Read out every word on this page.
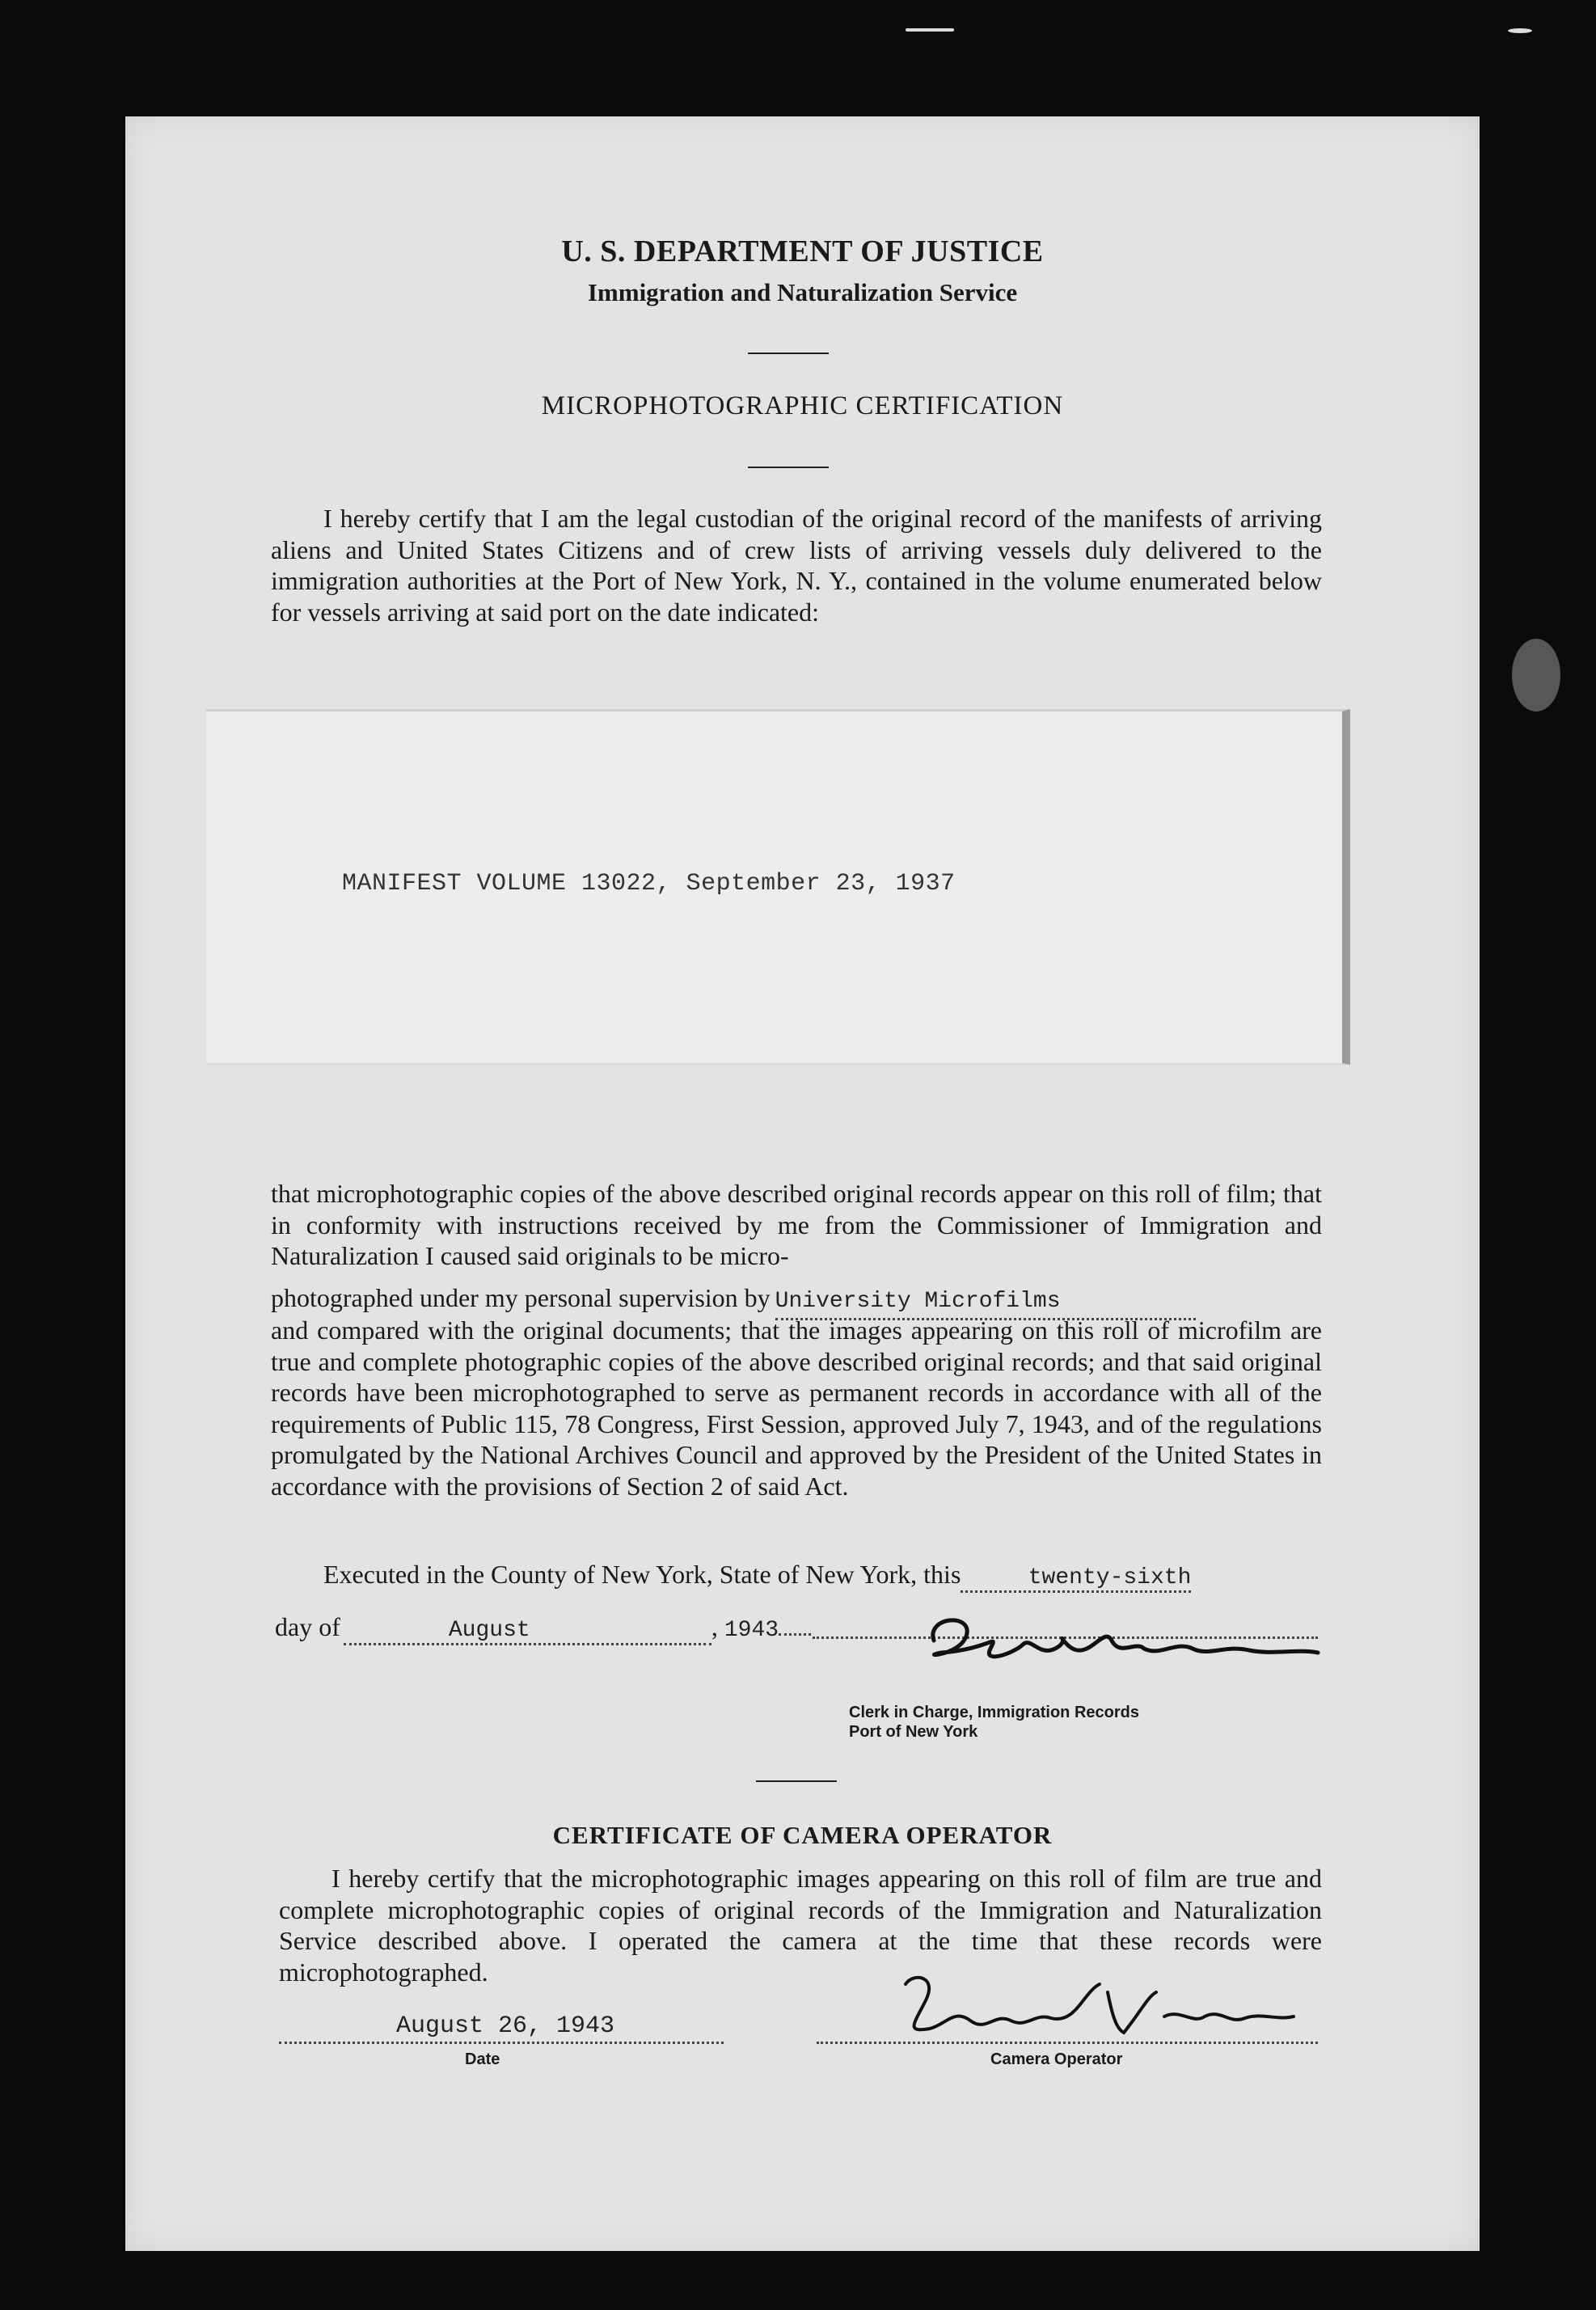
U. S. DEPARTMENT OF JUSTICE
Immigration and Naturalization Service
MICROPHOTOGRAPHIC CERTIFICATION
I hereby certify that I am the legal custodian of the original record of the manifests of arriving aliens and United States Citizens and of crew lists of arriving vessels duly delivered to the immigration authorities at the Port of New York, N. Y., contained in the volume enumerated below for vessels arriving at said port on the date indicated:
MANIFEST VOLUME 13022, September 23, 1937
that microphotographic copies of the above described original records appear on this roll of film; that in conformity with instructions received by me from the Commissioner of Immigration and Naturalization I caused said originals to be micro-
photographed under my personal supervision by University Microfilms
and compared with the original documents; that the images appearing on this roll of microfilm are true and complete photographic copies of the above described original records; and that said original records have been microphotographed to serve as permanent records in accordance with all of the requirements of Public 115, 78 Congress, First Session, approved July 7, 1943, and of the regulations promulgated by the National Archives Council and approved by the President of the United States in accordance with the provisions of Section 2 of said Act.
Executed in the County of New York, State of New York, this	twenty-sixth
day of	August	, 1943
Clerk in Charge, Immigration Records
Port of New York
CERTIFICATE OF CAMERA OPERATOR
I hereby certify that the microphotographic images appearing on this roll of film are true and complete microphotographic copies of original records of the Immigration and Naturalization Service described above. I operated the camera at the time that these records were microphotographed.
August 26, 1943
Date	Camera Operator
